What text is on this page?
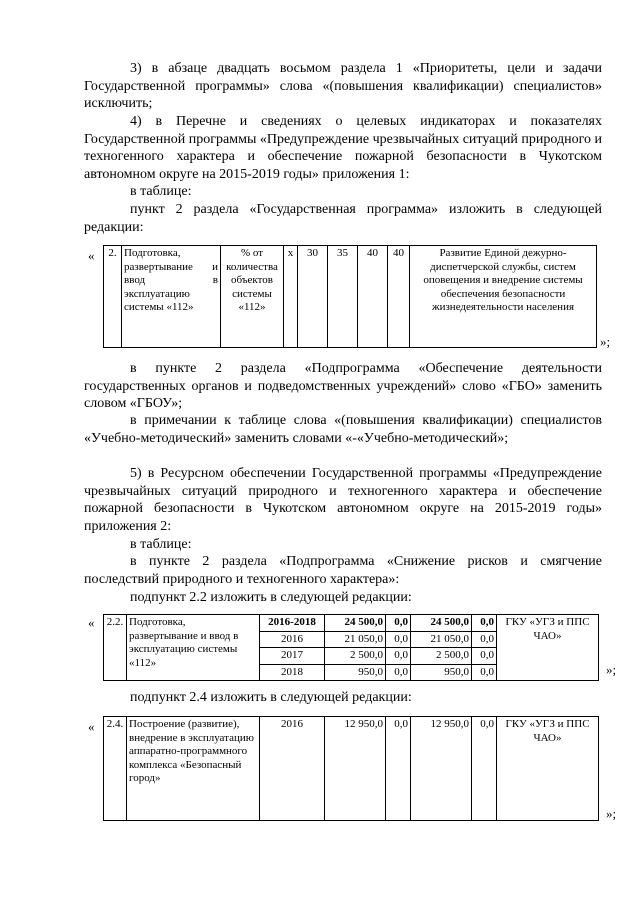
3) в абзаце двадцать восьмом раздела 1 «Приоритеты, цели и задачи Государственной программы» слова «(повышения квалификации) специалистов» исключить;

4) в Перечне и сведениях о целевых индикаторах и показателях Государственной программы «Предупреждение чрезвычайных ситуаций природного и техногенного характера и обеспечение пожарной безопасности в Чукотском автономном округе на 2015-2019 годы» приложения 1:

в таблице:

пункт 2 раздела «Государственная программа» изложить в следующей редакции:

« 2.	Подготовка, развертывание и ввод в эксплуатацию системы «112»	% от количества объектов системы «112»	x	30	35	40	40	Развитие Единой дежурно-диспетчерской службы, систем оповещения и внедрение системы обеспечения безопасности жизнедеятельности населения
»;

в пункте 2 раздела «Подпрограмма «Обеспечение деятельности государственных органов и подведомственных учреждений» слово «ГБО» заменить словом «ГБОУ»;

в примечании к таблице слова «(повышения квалификации) специалистов «Учебно-методический» заменить словами «-«Учебно-методический»;

5) в Ресурсном обеспечении Государственной программы «Предупреждение чрезвычайных ситуаций природного и техногенного характера и обеспечение пожарной безопасности в Чукотском автономном округе на 2015-2019 годы» приложения 2:

в таблице:

в пункте 2 раздела «Подпрограмма «Снижение рисков и смягчение последствий природного и техногенного характера»:

подпункт 2.2 изложить в следующей редакции:

« 2.2.	Подготовка, развертывание и ввод в эксплуатацию системы «112»	2016-2018	24 500,0	0,0	24 500,0	0,0	ГКУ «УГЗ и ППС ЧАО»
		2016	21 050,0	0,0	21 050,0	0,0	
		2017	2 500,0	0,0	2 500,0	0,0	
		2018	950,0	0,0	950,0	0,0		»;

подпункт 2.4 изложить в следующей редакции:

« 2.4.	Построение (развитие), внедрение в эксплуатацию аппаратно-программного комплекса «Безопасный город»	2016	12 950,0	0,0	12 950,0	0,0	ГКУ «УГЗ и ППС ЧАО»
»;
